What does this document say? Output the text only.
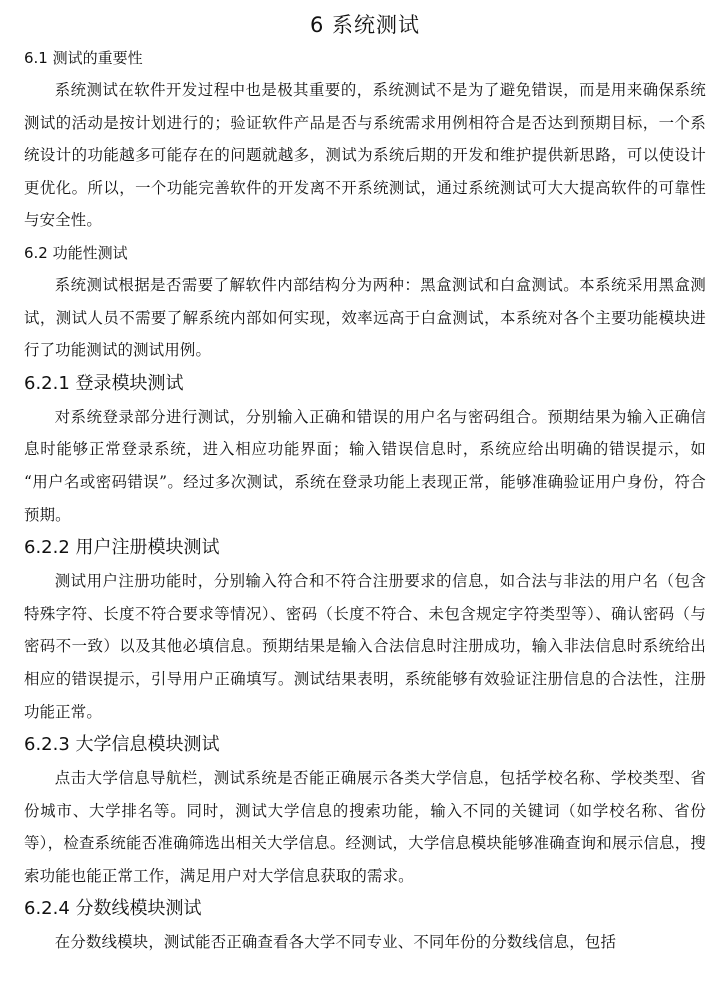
6 系统测试
6.1 测试的重要性

系统测试在软件开发过程中也是极其重要的，系统测试不是为了避免错误，而是用来确保系统测试的活动是按计划进行的；验证软件产品是否与系统需求用例相符合是否达到预期目标，一个系统设计的功能越多可能存在的问题就越多，测试为系统后期的开发和维护提供新思路，可以使设计更优化。所以，一个功能完善软件的开发离不开系统测试，通过系统测试可大大提高软件的可靠性与安全性。

6.2 功能性测试

系统测试根据是否需要了解软件内部结构分为两种：黑盒测试和白盒测试。本系统采用黑盒测试，测试人员不需要了解系统内部如何实现，效率远高于白盒测试，本系统对各个主要功能模块进行了功能测试的测试用例。

6.2.1 登录模块测试

对系统登录部分进行测试，分别输入正确和错误的用户名与密码组合。预期结果为输入正确信息时能够正常登录系统，进入相应功能界面；输入错误信息时，系统应给出明确的错误提示，如 “用户名或密码错误”。经过多次测试，系统在登录功能上表现正常，能够准确验证用户身份，符合预期。

6.2.2 用户注册模块测试

测试用户注册功能时，分别输入符合和不符合注册要求的信息，如合法与非法的用户名（包含特殊字符、长度不符合要求等情况）、密码（长度不符合、未包含规定字符类型等）、确认密码（与密码不一致）以及其他必填信息。预期结果是输入合法信息时注册成功，输入非法信息时系统给出相应的错误提示，引导用户正确填写。测试结果表明，系统能够有效验证注册信息的合法性，注册功能正常。

6.2.3 大学信息模块测试

点击大学信息导航栏，测试系统是否能正确展示各类大学信息，包括学校名称、学校类型、省份城市、大学排名等。同时，测试大学信息的搜索功能，输入不同的关键词（如学校名称、省份等），检查系统能否准确筛选出相关大学信息。经测试，大学信息模块能够准确查询和展示信息，搜索功能也能正常工作，满足用户对大学信息获取的需求。

6.2.4 分数线模块测试

在分数线模块，测试能否正确查看各大学不同专业、不同年份的分数线信息，包括
